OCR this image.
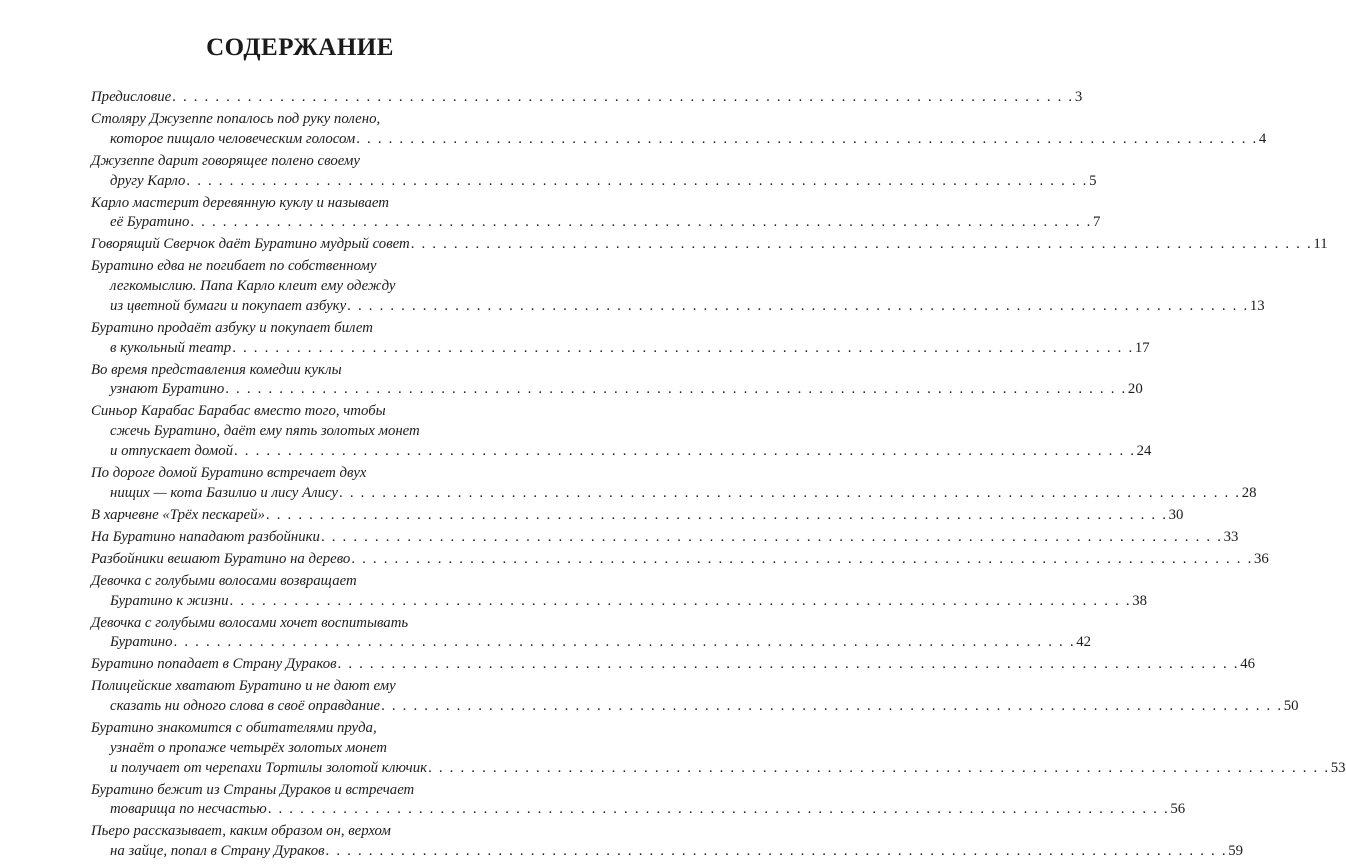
СОДЕРЖАНИЕ
Предисловие . . .	3
Столяру Джузеппе попалось под руку полено,
которое пищало человеческим голосом . . .	4
Джузеппе дарит говорящее полено своему
другу Карло . . .	5
Карло мастерит деревянную куклу и называет
её Буратино . . .	7
Говорящий Сверчок даёт Буратино мудрый совет . . .	11
Буратино едва не погибает по собственному
легкомыслию. Папа Карло клеит ему одежду
из цветной бумаги и покупает азбуку . . .	13
Буратино продаёт азбуку и покупает билет
в кукольный театр . . .	17
Во время представления комедии куклы
узнают Буратино . . .	20
Синьор Карабас Барабас вместо того, чтобы
сжечь Буратино, даёт ему пять золотых монет
и отпускает домой . . .	24
По дороге домой Буратино встречает двух
нищих — кота Базилио и лису Алису . . .	28
В харчевне «Трёх пескарей» . . .	30
На Буратино нападают разбойники . . .	33
Разбойники вешают Буратино на дерево . . .	36
Девочка с голубыми волосами возвращает
Буратино к жизни . . .	38
Девочка с голубыми волосами хочет воспитывать
Буратино . . .	42
Буратино попадает в Страну Дураков . . .	46
Полицейские хватают Буратино и не дают ему
сказать ни одного слова в своё оправдание . . .	50
Буратино знакомится с обитателями пруда,
узнаёт о пропаже четырёх золотых монет
и получает от черепахи Тортилы золотой ключик . . .	53
Буратино бежит из Страны Дураков и встречает
товарища по несчастью . . .	56
Пьеро рассказывает, каким образом он, верхом
на зайце, попал в Страну Дураков . . .	59
